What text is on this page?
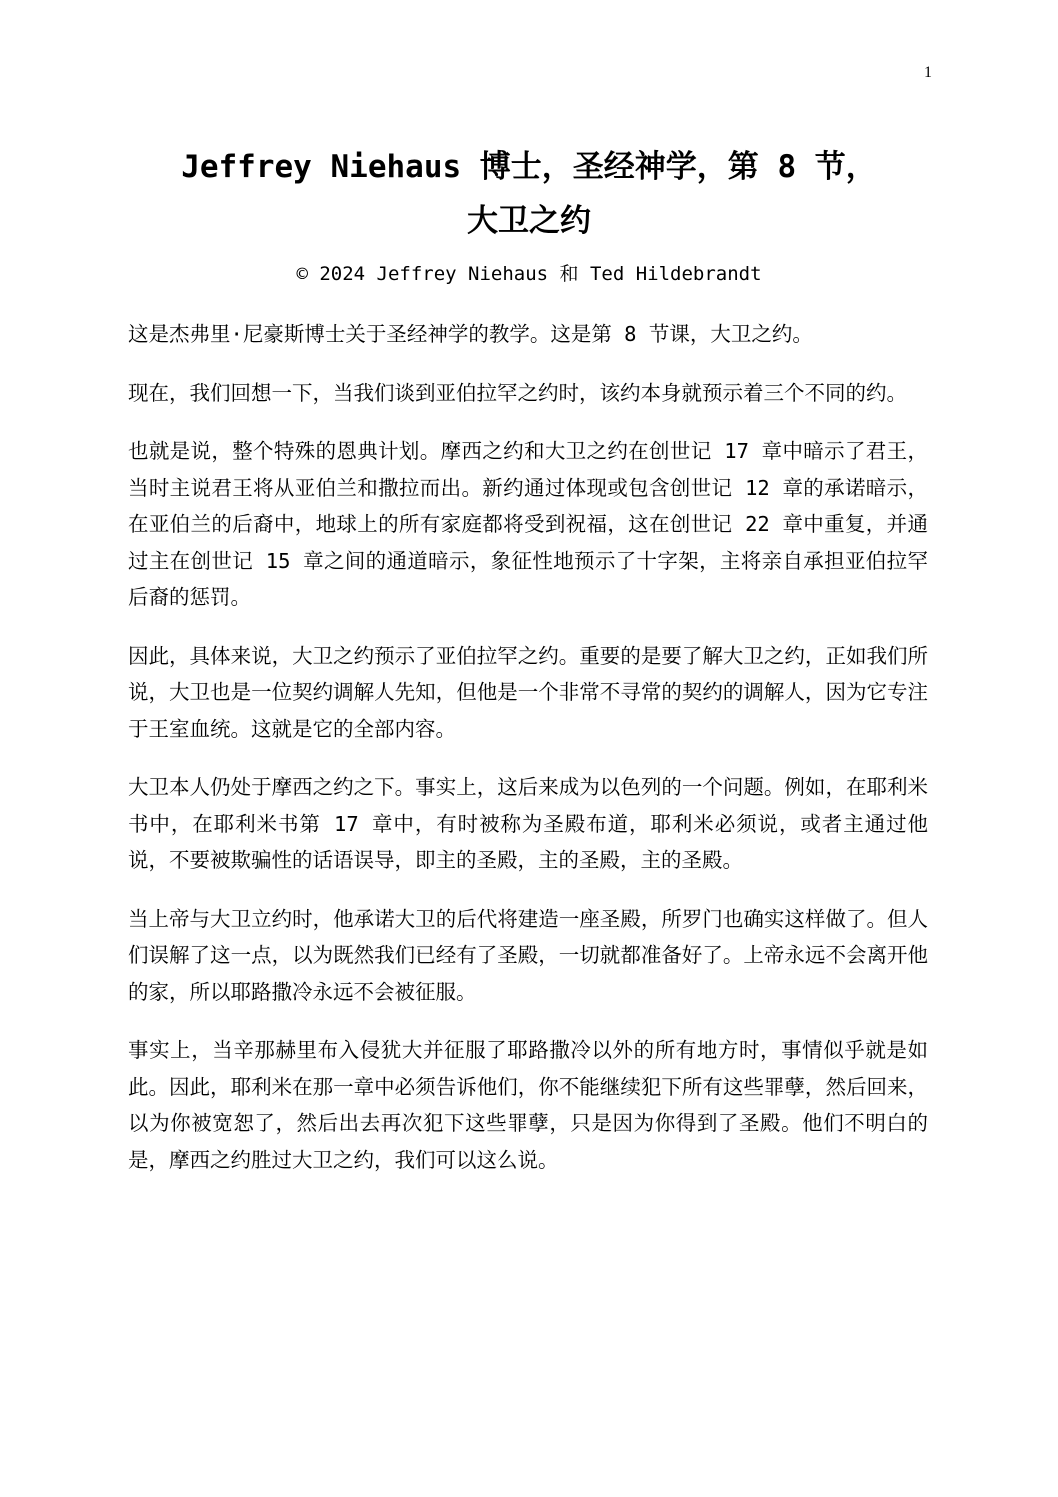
1
Jeffrey Niehaus 博士，圣经神学，第 8 节，
大卫之约
© 2024 Jeffrey Niehaus 和 Ted Hildebrandt

这是杰弗里·尼豪斯博士关于圣经神学的教学。这是第 8 节课，大卫之约。

现在，我们回想一下，当我们谈到亚伯拉罕之约时，该约本身就预示着三个不同的约。

也就是说，整个特殊的恩典计划。摩西之约和大卫之约在创世记 17 章中暗示了君王，当时主说君王将从亚伯兰和撒拉而出。新约通过体现或包含创世记 12 章的承诺暗示，在亚伯兰的后裔中，地球上的所有家庭都将受到祝福，这在创世记 22 章中重复，并通过主在创世记 15 章之间的通道暗示，象征性地预示了十字架，主将亲自承担亚伯拉罕后裔的惩罚。

因此，具体来说，大卫之约预示了亚伯拉罕之约。重要的是要了解大卫之约，正如我们所说，大卫也是一位契约调解人先知，但他是一个非常不寻常的契约的调解人，因为它专注于王室血统。这就是它的全部内容。

大卫本人仍处于摩西之约之下。事实上，这后来成为以色列的一个问题。例如，在耶利米书中，在耶利米书第 17 章中，有时被称为圣殿布道，耶利米必须说，或者主通过他说，不要被欺骗性的话语误导，即主的圣殿，主的圣殿，主的圣殿。

当上帝与大卫立约时，他承诺大卫的后代将建造一座圣殿，所罗门也确实这样做了。但人们误解了这一点，以为既然我们已经有了圣殿，一切就都准备好了。上帝永远不会离开他的家，所以耶路撒冷永远不会被征服。

事实上，当辛那赫里布入侵犹大并征服了耶路撒冷以外的所有地方时，事情似乎就是如此。因此，耶利米在那一章中必须告诉他们，你不能继续犯下所有这些罪孽，然后回来，以为你被宽恕了，然后出去再次犯下这些罪孽，只是因为你得到了圣殿。他们不明白的是，摩西之约胜过大卫之约，我们可以这么说。
